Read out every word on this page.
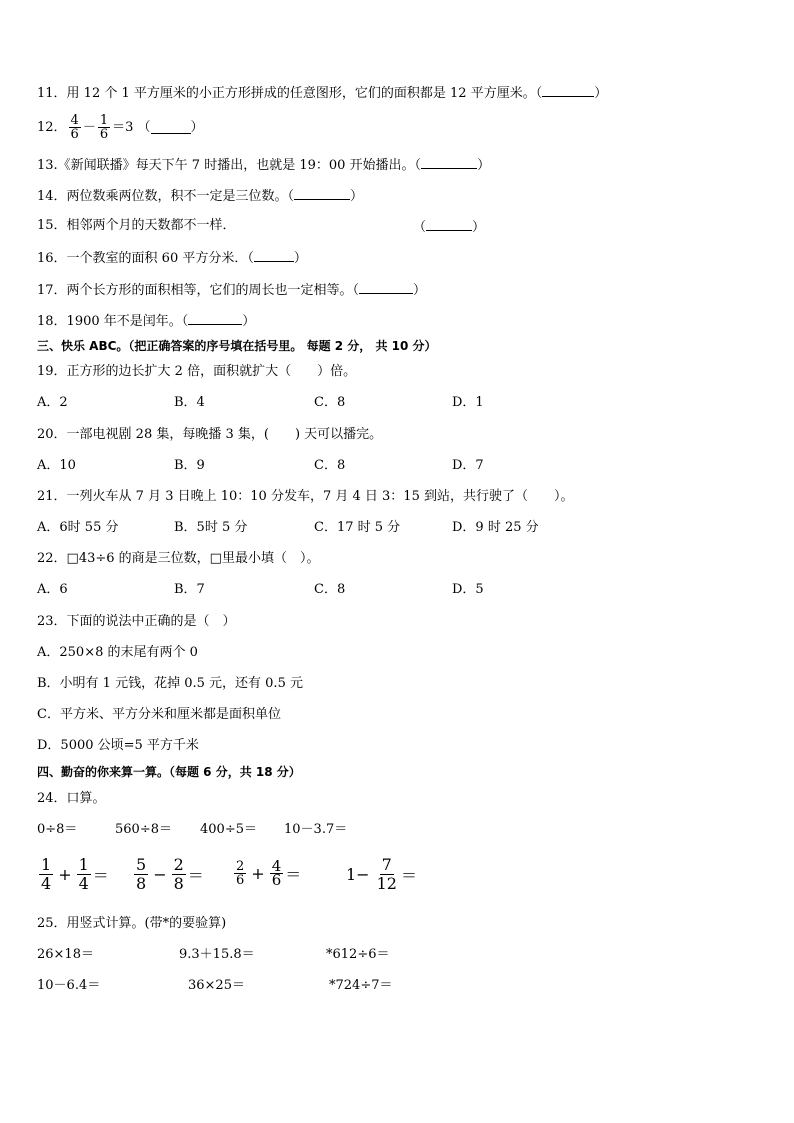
11．用 12 个 1 平方厘米的小正方形拼成的任意图形，它们的面积都是 12 平方厘米。（	）
12． $\frac{4}{6} - \frac{1}{6} =3$ （	）
13.《新闻联播》每天下午 7 时播出，也就是 19：00 开始播出。（	）
14．两位数乘两位数，积不一定是三位数。（	）
15．相邻两个月的天数都不一样．	（	）
16．一个教室的面积 60 平方分米．（	）
17．两个长方形的面积相等，它们的周长也一定相等。（	）
18．1900 年不是闰年。（	）
三、快乐 ABC。（把正确答案的序号填在括号里。 每题 2 分， 共 10 分）
19．正方形的边长扩大 2 倍，面积就扩大（　　）倍。
A．2	B．4	C．8	D．1
20．一部电视剧 28 集，每晚播 3 集，(　　) 天可以播完。
A．10	B．9	C．8	D．7
21．一列火车从 7 月 3 日晚上 10：10 分发车，7 月 4 日 3：15 到站，共行驶了（　　）。
A．6时 55 分	B．5时 5 分	C．17 时 5 分	D．9 时 25 分
22．□43÷6 的商是三位数，□里最小填（　）。
A．6	B．7	C．8	D．5
23．下面的说法中正确的是（　）
A．250×8 的末尾有两个 0
B．小明有 1 元钱，花掉 0.5 元，还有 0.5 元
C．平方米、平方分米和厘米都是面积单位
D．5000 公顷=5 平方千米
四、勤奋的你来算一算。（每题 6 分，共 18 分）
24．口算。
0÷8＝	560÷8＝ 400÷5＝ 10－3.7＝
$\frac{1}{4} + \frac{1}{4} = \frac{5}{8} - \frac{2}{8} = \frac{2}{6} + \frac{4}{6}$ ＝	$1- \frac{7}{12}$ ＝
25．用竖式计算。(带*的要验算)
26×18＝	9.3＋15.8＝	*612÷6＝
10－6.4＝	36×25＝	*724÷7＝
